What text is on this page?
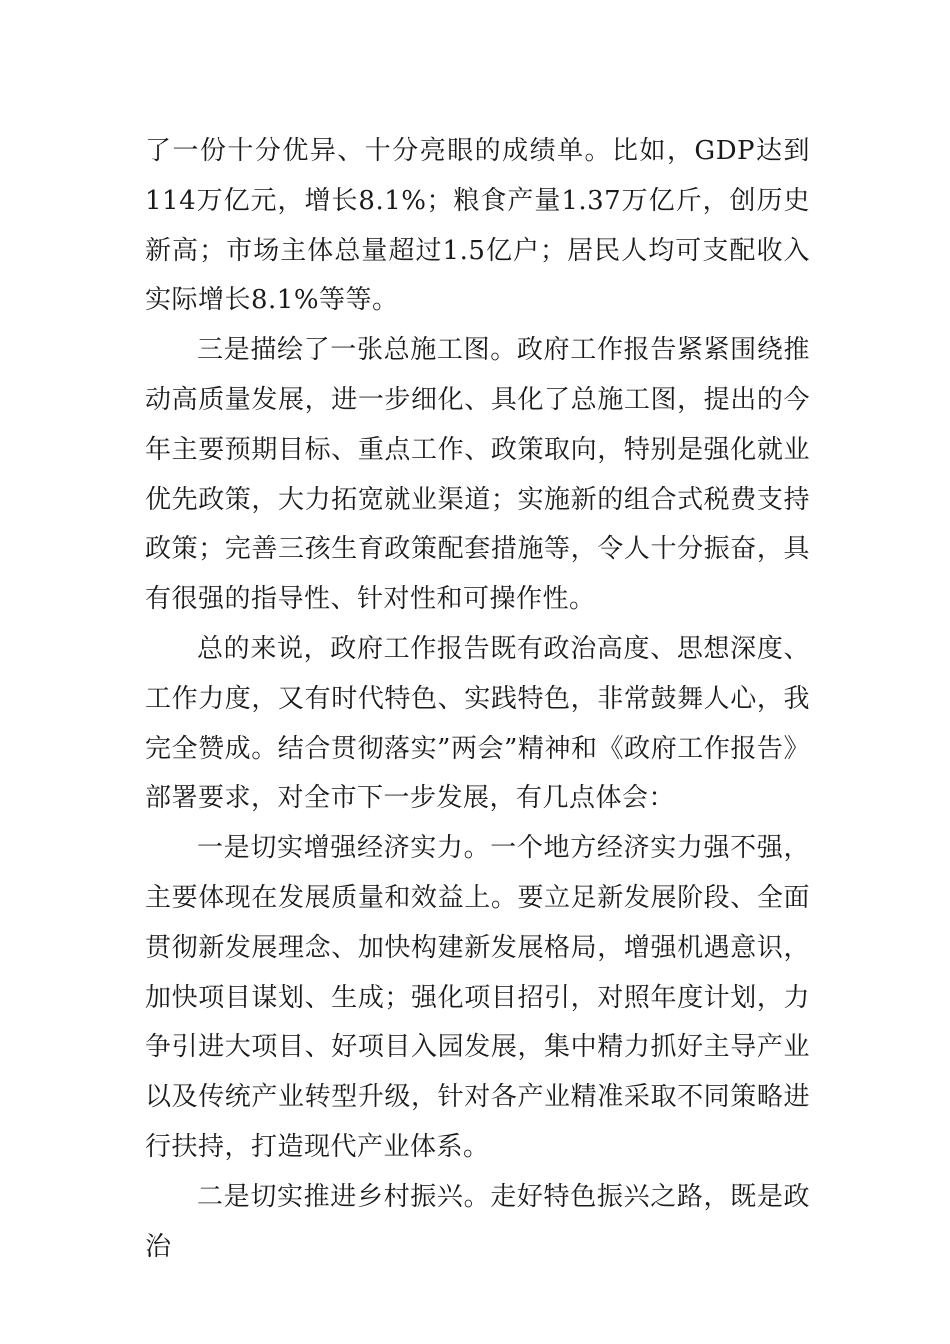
了一份十分优异、十分亮眼的成绩单。比如，GDP达到114万亿元，增长8.1%；粮食产量1.37万亿斤，创历史新高；市场主体总量超过1.5亿户；居民人均可支配收入实际增长8.1%等等。

三是描绘了一张总施工图。政府工作报告紧紧围绕推动高质量发展，进一步细化、具化了总施工图，提出的今年主要预期目标、重点工作、政策取向，特别是强化就业优先政策，大力拓宽就业渠道；实施新的组合式税费支持政策；完善三孩生育政策配套措施等，令人十分振奋，具有很强的指导性、针对性和可操作性。

总的来说，政府工作报告既有政治高度、思想深度、工作力度，又有时代特色、实践特色，非常鼓舞人心，我完全赞成。结合贯彻落实”两会”精神和《政府工作报告》部署要求，对全市下一步发展，有几点体会：

一是切实增强经济实力。一个地方经济实力强不强，主要体现在发展质量和效益上。要立足新发展阶段、全面贯彻新发展理念、加快构建新发展格局，增强机遇意识，加快项目谋划、生成；强化项目招引，对照年度计划，力争引进大项目、好项目入园发展，集中精力抓好主导产业以及传统产业转型升级，针对各产业精准采取不同策略进行扶持，打造现代产业体系。

二是切实推进乡村振兴。走好特色振兴之路，既是政治
